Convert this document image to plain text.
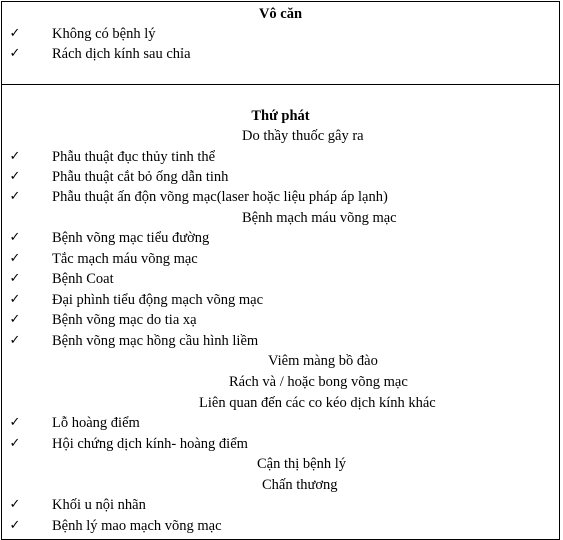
Vô căn
✓ Không có bệnh lý
✓ Rách dịch kính sau chỉa
Thứ phát
Do thầy thuốc gây ra
✓ Phẫu thuật đục thủy tinh thể
✓ Phẫu thuật cắt bỏ ống dẫn tinh
✓ Phẫu thuật ấn độn võng mạc(laser hoặc liệu pháp áp lạnh)
Bệnh mạch máu võng mạc
✓ Bệnh võng mạc tiểu đường
✓ Tắc mạch máu võng mạc
✓ Bệnh Coat
✓ Đại phình tiểu động mạch võng mạc
✓ Bệnh võng mạc do tia xạ
✓ Bệnh võng mạc hồng cầu hình liềm
Viêm màng bồ đào
Rách và / hoặc bong võng mạc
Liên quan đến các co kéo dịch kính khác
✓ Lỗ hoàng điểm
✓ Hội chứng dịch kính- hoàng điểm
Cận thị bệnh lý
Chấn thương
✓ Khối u nội nhãn
✓ Bệnh lý mao mạch võng mạc
